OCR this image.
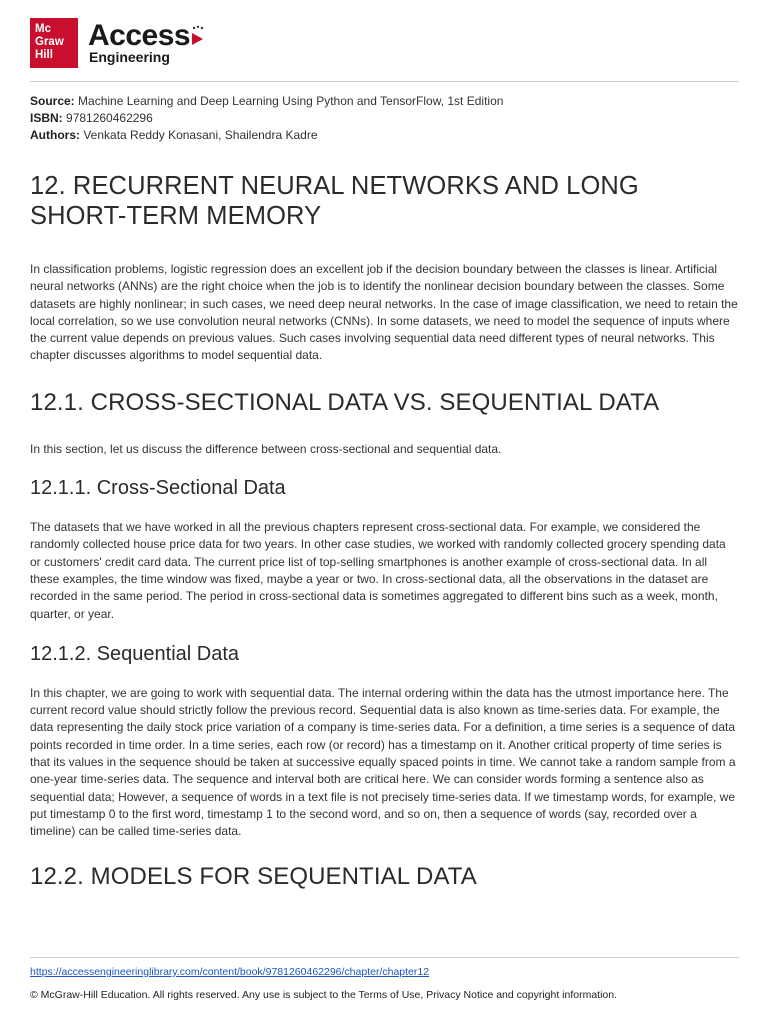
Mc
Graw
Hill
Access
Engineering

Source: Machine Learning and Deep Learning Using Python and TensorFlow, 1st Edition

ISBN: 9781260462296

Authors: Venkata Reddy Konasani, Shailendra Kadre

12. RECURRENT NEURAL NETWORKS AND LONG SHORT-TERM MEMORY

In classification problems, logistic regression does an excellent job if the decision boundary between the classes is linear. Artificial neural networks (ANNs) are the right choice when the job is to identify the nonlinear decision boundary between the classes. Some datasets are highly nonlinear; in such cases, we need deep neural networks. In the case of image classification, we need to retain the local correlation, so we use convolution neural networks (CNNs). In some datasets, we need to model the sequence of inputs where the current value depends on previous values. Such cases involving sequential data need different types of neural networks. This chapter discusses algorithms to model sequential data.

12.1. CROSS-SECTIONAL DATA VS. SEQUENTIAL DATA

In this section, let us discuss the difference between cross-sectional and sequential data.

12.1.1. Cross-Sectional Data

The datasets that we have worked in all the previous chapters represent cross-sectional data. For example, we considered the randomly collected house price data for two years. In other case studies, we worked with randomly collected grocery spending data or customers' credit card data. The current price list of top-selling smartphones is another example of cross-sectional data. In all these examples, the time window was fixed, maybe a year or two. In cross-sectional data, all the observations in the dataset are recorded in the same period. The period in cross-sectional data is sometimes aggregated to different bins such as a week, month, quarter, or year.

12.1.2. Sequential Data

In this chapter, we are going to work with sequential data. The internal ordering within the data has the utmost importance here. The current record value should strictly follow the previous record. Sequential data is also known as time-series data. For example, the data representing the daily stock price variation of a company is time-series data. For a definition, a time series is a sequence of data points recorded in time order. In a time series, each row (or record) has a timestamp on it. Another critical property of time series is that its values in the sequence should be taken at successive equally spaced points in time. We cannot take a random sample from a one-year time-series data. The sequence and interval both are critical here. We can consider words forming a sentence also as sequential data; However, a sequence of words in a text file is not precisely time-series data. If we timestamp words, for example, we put timestamp 0 to the first word, timestamp 1 to the second word, and so on, then a sequence of words (say, recorded over a timeline) can be called time-series data.

12.2. MODELS FOR SEQUENTIAL DATA
https://accessengineeringlibrary.com/content/book/9781260462296/chapter/chapter12
© McGraw-Hill Education. All rights reserved. Any use is subject to the Terms of Use, Privacy Notice and copyright information.
